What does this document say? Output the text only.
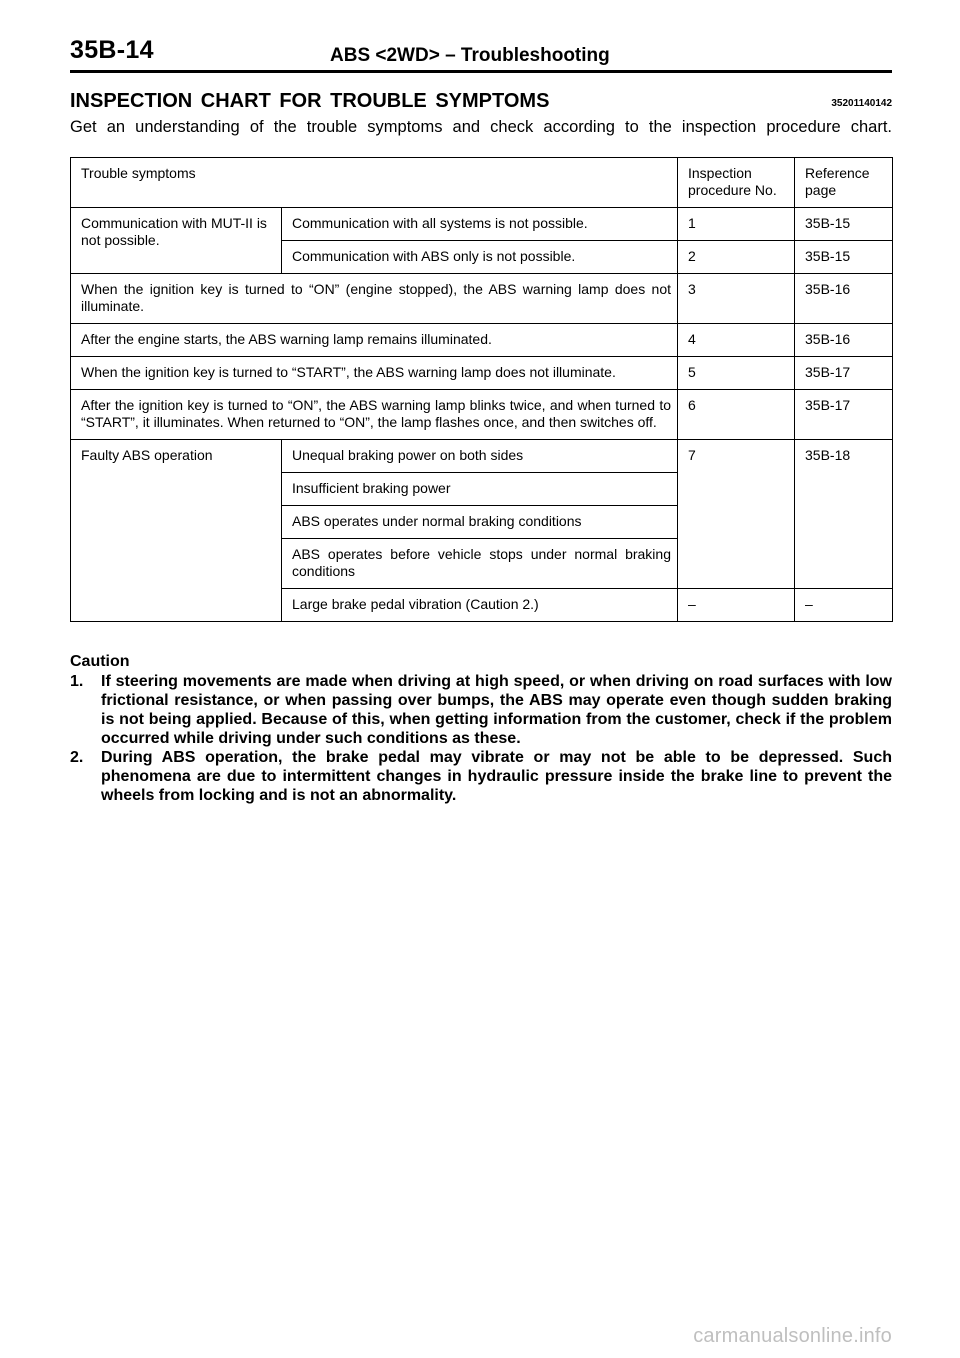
35B-14	ABS <2WD> – Troubleshooting
INSPECTION CHART FOR TROUBLE SYMPTOMS	35201140142
Get an understanding of the trouble symptoms and check according to the inspection procedure chart.
Trouble symptoms		Inspection procedure No.	Reference page
Communication with MUT-II is not possible.	Communication with all systems is not possible.	1	35B-15
	Communication with ABS only is not possible.	2	35B-15
When the ignition key is turned to “ON” (engine stopped), the ABS warning lamp does not illuminate.		3	35B-16
After the engine starts, the ABS warning lamp remains illuminated.		4	35B-16
When the ignition key is turned to “START”, the ABS warning lamp does not illuminate.		5	35B-17
After the ignition key is turned to “ON”, the ABS warning lamp blinks twice, and when turned to “START”, it illuminates. When returned to “ON”, the lamp flashes once, and then switches off.		6	35B-17
Faulty ABS operation	Unequal braking power on both sides	7	35B-18
	Insufficient braking power		
	ABS operates under normal braking conditions		
	ABS operates before vehicle stops under normal braking conditions		
	Large brake pedal vibration (Caution 2.)	–	–
Caution
1.	If steering movements are made when driving at high speed, or when driving on road surfaces with low frictional resistance, or when passing over bumps, the ABS may operate even though sudden braking is not being applied. Because of this, when getting information from the customer, check if the problem occurred while driving under such conditions as these.
2.	During ABS operation, the brake pedal may vibrate or may not be able to be depressed. Such phenomena are due to intermittent changes in hydraulic pressure inside the brake line to prevent the wheels from locking and is not an abnormality.
carmanualsonline.info
